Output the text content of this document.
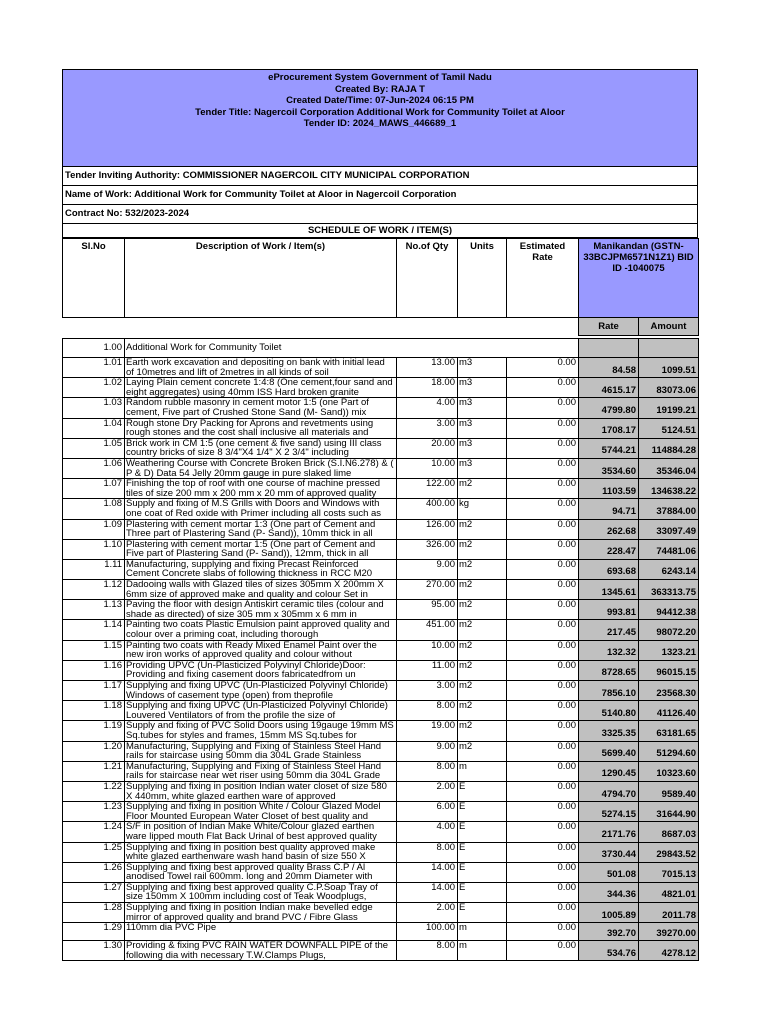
eProcurement System Government of Tamil Nadu
Created By: RAJA T
Created Date/Time: 07-Jun-2024 06:15 PM
Tender Title: Nagercoil Corporation Additional Work for Community Toilet at Aloor
Tender ID: 2024_MAWS_446689_1
Tender Inviting Authority: COMMISSIONER NAGERCOIL CITY MUNICIPAL CORPORATION
Name of Work: Additional Work for Community Toilet at Aloor in Nagercoil Corporation
Contract No: 532/2023-2024
SCHEDULE OF WORK / ITEM(S)
Sl.No	Description of Work / Item(s)	No.of Qty	Units	Estimated Rate	Manikandan (GSTN-33BCJPM6571N1Z1) BID ID -1040075	
					Rate	Amount

1.00	Additional Work for Community Toilet					
1.01	Earth work excavation and depositing on bank with initial lead of 10metres and lift of 2metres in all kinds of soil	13.00	m3	0.00	84.58	1099.51
1.02	Laying Plain cement concrete 1:4:8 (One cement,four sand and eight aggregates) using 40mm ISS Hard broken granite	18.00	m3	0.00	4615.17	83073.06
1.03	Random rubble masonry in cement motor 1:5 (one Part of cement, Five part of Crushed Stone Sand (M- Sand)) mix	4.00	m3	0.00	4799.80	19199.21
1.04	Rough stone Dry Packing for Aprons and revetments using rough stones and the cost shall inclusive all materials and	3.00	m3	0.00	1708.17	5124.51
1.05	Brick work in CM 1:5 (one cement & five sand) using III class country bricks of size 8 3/4"X4 1/4" X 2 3/4" including	20.00	m3	0.00	5744.21	114884.28
1.06	Weathering Course with Concrete Broken Brick (S.I.N6.278) & ( P & D) Data 54 Jelly 20mm gauge in pure slaked lime	10.00	m3	0.00	3534.60	35346.04
1.07	Finishing the top of roof with one course of machine pressed tiles of size 200 mm x 200 mm x 20 mm of approved quality	122.00	m2	0.00	1103.59	134638.22
1.08	Supply and fixing of M.S Grills with Doors and Windows with one coat of Red oxide with Primer including all costs such as	400.00	kg	0.00	94.71	37884.00
1.09	Plastering with cement mortar 1:3 (One part of Cement and Three part of Plastering Sand (P- Sand)), 10mm thick in all	126.00	m2	0.00	262.68	33097.49
1.10	Plastering with cement mortar 1:5 (One part of Cement and Five part of Plastering Sand (P- Sand)), 12mm, thick in all	326.00	m2	0.00	228.47	74481.06
1.11	Manufacturing, supplying and fixing Precast Reinforced Cement Concrete slabs of following thickness in RCC M20	9.00	m2	0.00	693.68	6243.14
1.12	Dadooing walls with Glazed tiles of sizes 305mm X 200mm X 6mm size of approved make and quality and colour Set in	270.00	m2	0.00	1345.61	363313.75
1.13	Paving the floor with design Antiskirt ceramic tiles (colour and shade as directed) of size 305 mm x 305mm x 6 mm in	95.00	m2	0.00	993.81	94412.38
1.14	Painting two coats Plastic Emulsion paint approved quality and colour over a priming coat, including thorough	451.00	m2	0.00	217.45	98072.20
1.15	Painting two coats with Ready Mixed Enamel Paint over the new iron works of approved quality and colour without	10.00	m2	0.00	132.32	1323.21
1.16	Providing UPVC (Un-Plasticized Polyvinyl Chloride)Door: Providing and fixing casement doors fabricatedfrom un	11.00	m2	0.00	8728.65	96015.15
1.17	Supplying and fixing UPVC (Un-Plasticized Polyvinyl Chloride) Windows of casement type (open) from theprofile	3.00	m2	0.00	7856.10	23568.30
1.18	Supplying and fixing UPVC (Un-Plasticized Polyvinyl Chloride) Louvered Ventilators of from the profile the size of	8.00	m2	0.00	5140.80	41126.40
1.19	Supply and fixing of PVC Solid Doors using 19gauge 19mm MS Sq.tubes for styles and frames, 15mm MS Sq.tubes for	19.00	m2	0.00	3325.35	63181.65
1.20	Manufacturing, Supplying and Fixing of Stainless Steel Hand rails for staircase using 50mm dia 304L Grade Stainless	9.00	m2	0.00	5699.40	51294.60
1.21	Manufacturing, Supplying and Fixing of Stainless Steel Hand rails for staircase near wet riser using 50mm dia 304L Grade	8.00	m	0.00	1290.45	10323.60
1.22	Supplying and fixing in position Indian water closet of size 580 X 440mm, white glazed earthen ware of approved	2.00	E	0.00	4794.70	9589.40
1.23	Supplying and fixing in position White / Colour Glazed Model Floor Mounted European Water Closet of best quality and	6.00	E	0.00	5274.15	31644.90
1.24	S/F in position of Indian Make White/Colour glazed earthen ware lipped mouth Flat Back Urinal of best approved quality	4.00	E	0.00	2171.76	8687.03
1.25	Supplying and fixing in position best quality approved make white glazed earthenware wash hand basin of size 550 X	8.00	E	0.00	3730.44	29843.52
1.26	Supplying and fixing best approved quality Brass C.P / Al anodised Towel rail 600mm. long and 20mm Diameter with	14.00	E	0.00	501.08	7015.13
1.27	Supplying and fixing best approved quality C.P.Soap Tray of size 150mm X 100mm including cost of Teak Woodplugs,	14.00	E	0.00	344.36	4821.01
1.28	Supplying and fixing in position Indian make bevelled edge mirror of approved quality and brand PVC / Fibre Glass	2.00	E	0.00	1005.89	2011.78
1.29	110mm dia PVC Pipe	100.00	m	0.00	392.70	39270.00
1.30	Providing & fixing PVC RAIN WATER DOWNFALL PIPE of the following dia with necessary T.W.Clamps Plugs,	8.00	m	0.00	534.76	4278.12
